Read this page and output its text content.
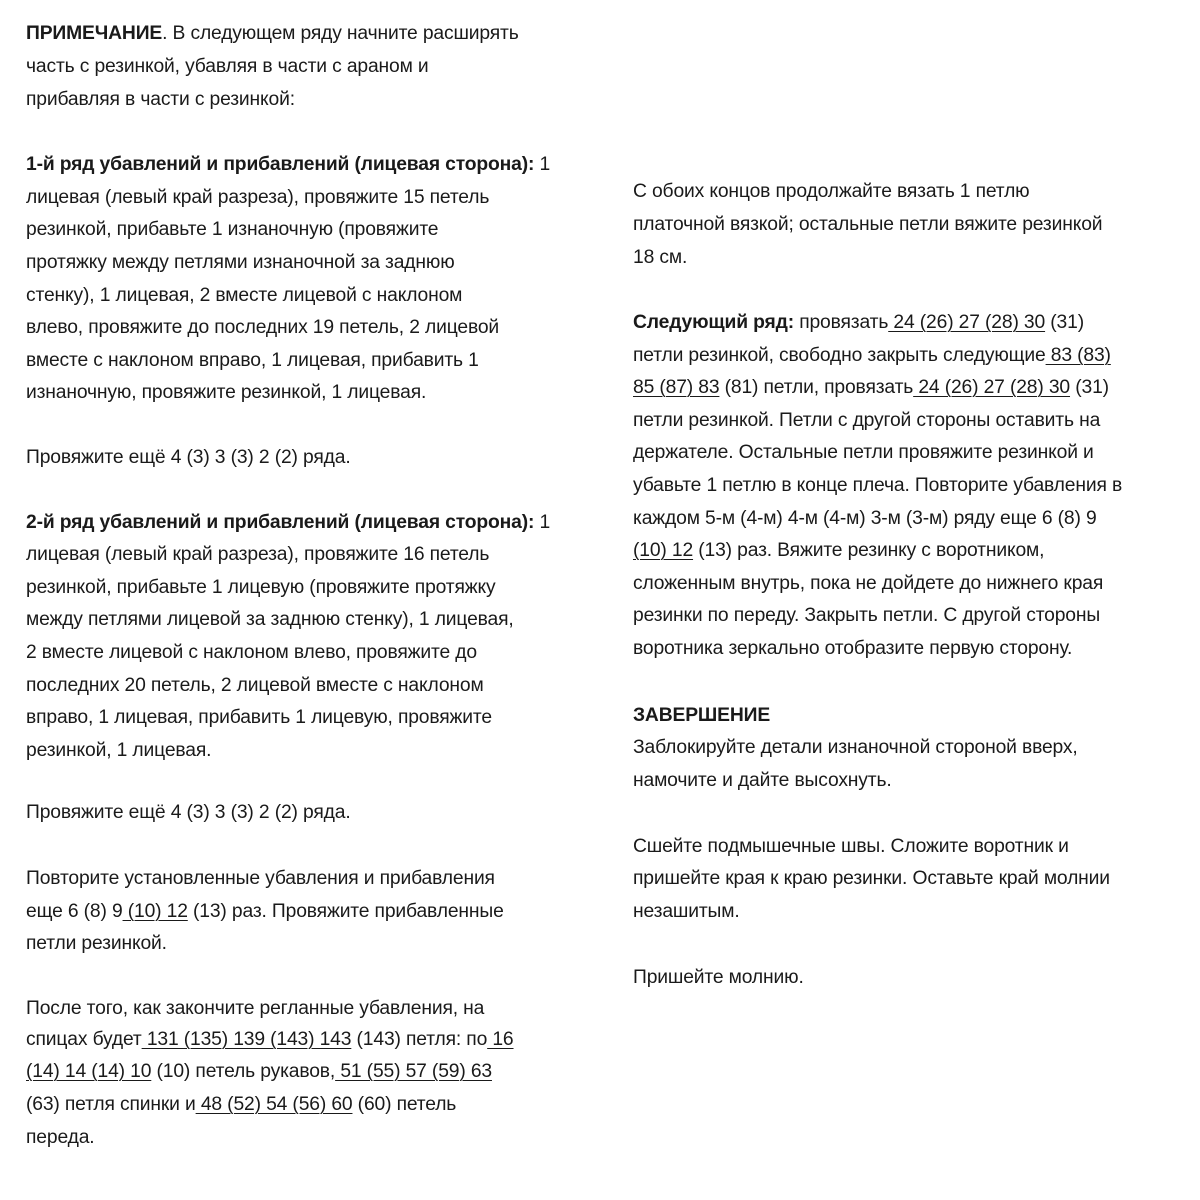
ПРИМЕЧАНИЕ. В следующем ряду начните расширять
часть с резинкой, убавляя в части с араном и
прибавляя в части с резинкой:
1-й ряд убавлений и прибавлений (лицевая сторона): 1
лицевая (левый край разреза), провяжите 15 петель
резинкой, прибавьте 1 изнаночную (провяжите
протяжку между петлями изнаночной за заднюю
стенку), 1 лицевая, 2 вместе лицевой с наклоном
влево, провяжите до последних 19 петель, 2 лицевой
вместе с наклоном вправо, 1 лицевая, прибавить 1
изнаночную, провяжите резинкой, 1 лицевая.
Провяжите ещё 4 (3) 3 (3) 2 (2) ряда.
2-й ряд убавлений и прибавлений (лицевая сторона): 1
лицевая (левый край разреза), провяжите 16 петель
резинкой, прибавьте 1 лицевую (провяжите протяжку
между петлями лицевой за заднюю стенку), 1 лицевая,
2 вместе лицевой с наклоном влево, провяжите до
последних 20 петель, 2 лицевой вместе с наклоном
вправо, 1 лицевая, прибавить 1 лицевую, провяжите
резинкой, 1 лицевая.
Провяжите ещё 4 (3) 3 (3) 2 (2) ряда.
Повторите установленные убавления и прибавления
еще 6 (8) 9 (10) 12 (13) раз. Провяжите прибавленные
петли резинкой.
После того, как закончите регланные убавления, на
спицах будет 131 (135) 139 (143) 143 (143) петля: по 16
(14) 14 (14) 10 (10) петель рукавов, 51 (55) 57 (59) 63
(63) петля спинки и 48 (52) 54 (56) 60 (60) петель
переда.
С обоих концов продолжайте вязать 1 петлю
платочной вязкой; остальные петли вяжите резинкой
18 см.
Следующий ряд: провязать 24 (26) 27 (28) 30 (31)
петли резинкой, свободно закрыть следующие 83 (83)
85 (87) 83 (81) петли, провязать 24 (26) 27 (28) 30 (31)
петли резинкой. Петли с другой стороны оставить на
держателе. Остальные петли провяжите резинкой и
убавьте 1 петлю в конце плеча. Повторите убавления в
каждом 5-м (4-м) 4-м (4-м) 3-м (3-м) ряду еще 6 (8) 9
(10) 12 (13) раз. Вяжите резинку с воротником,
сложенным внутрь, пока не дойдете до нижнего края
резинки по переду. Закрыть петли. С другой стороны
воротника зеркально отобразите первую сторону.
ЗАВЕРШЕНИЕ
Заблокируйте детали изнаночной стороной вверх,
намочите и дайте высохнуть.
Сшейте подмышечные швы. Сложите воротник и
пришейте края к краю резинки. Оставьте край молнии
незашитым.
Пришейте молнию.
